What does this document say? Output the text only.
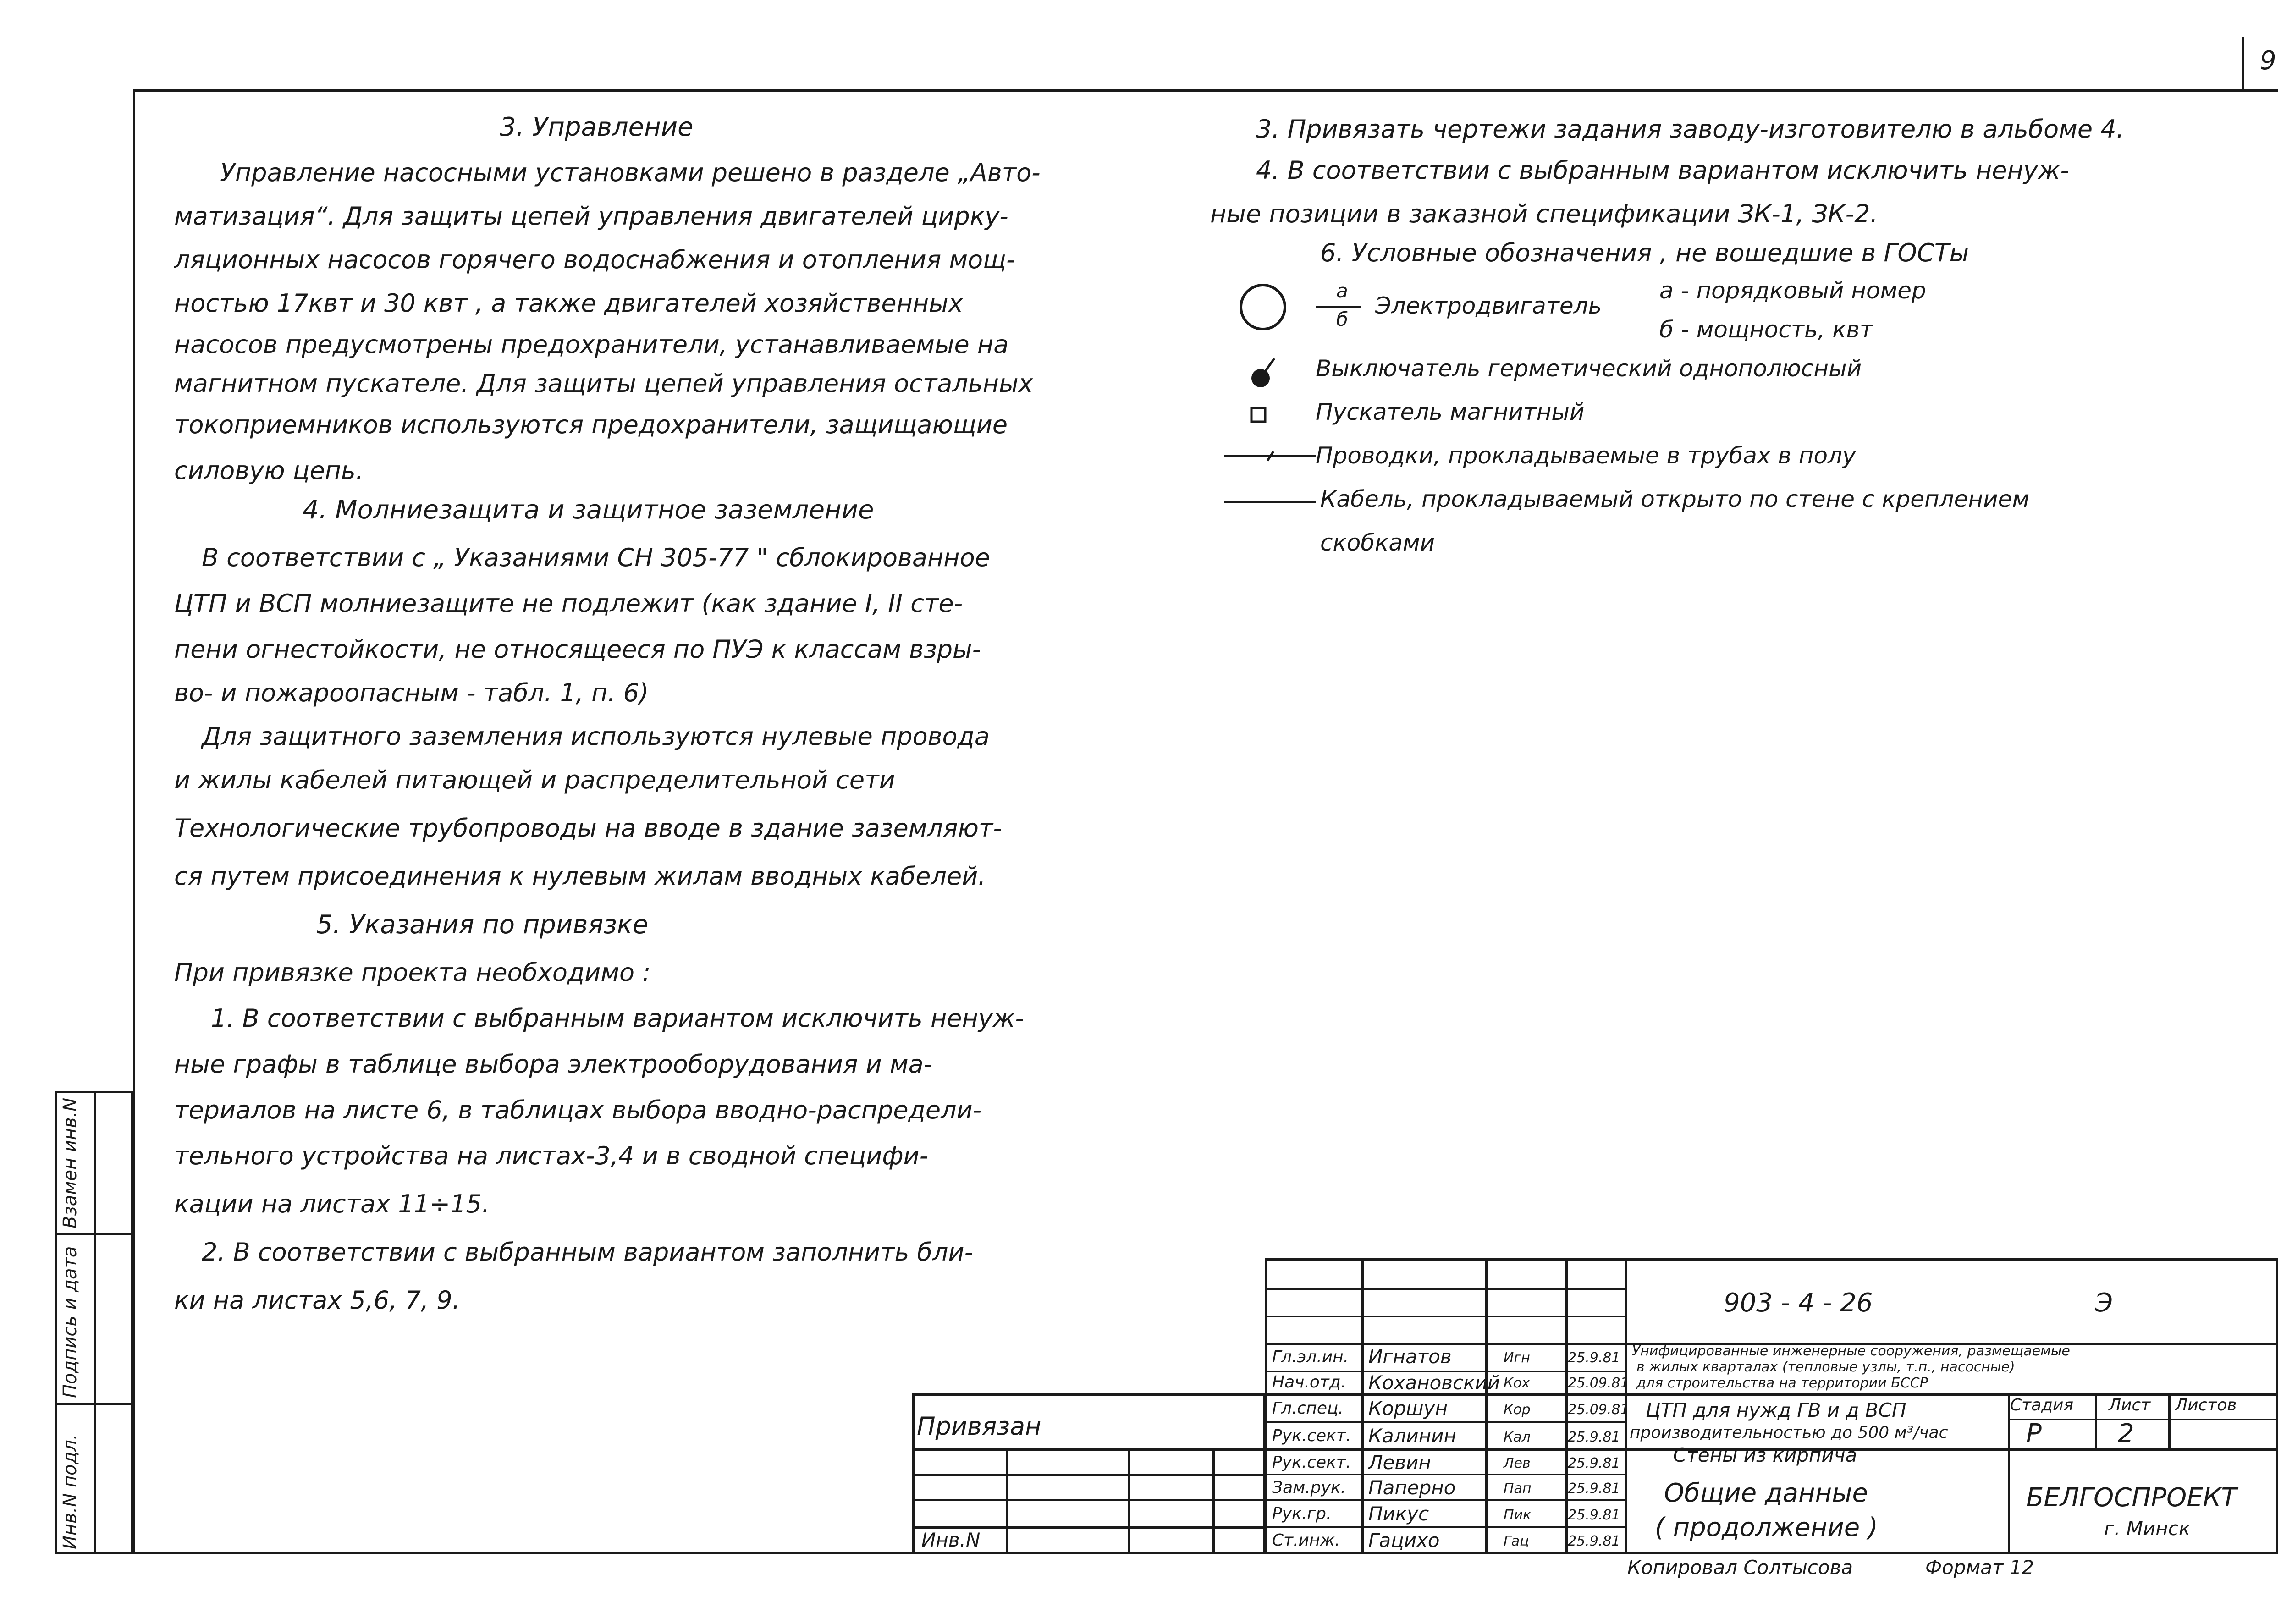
9
Инв.N подл.
Подпись и дата
Взамен инв.N
3. Управление
Управление насосными установками решено в разделе „Авто-
матизация“. Для защиты цепей управления двигателей цирку-
ляционных насосов горячего водоснабжения и отопления мощ-
ностью 17квт и 30 квт , а также двигателей хозяйственных
насосов предусмотрены предохранители, устанавливаемые на
магнитном пускателе. Для защиты цепей управления остальных
токоприемников используются предохранители, защищающие
силовую цепь.
4. Молниезащита и защитное заземление
В соответствии с „ Указаниями СН 305-77 " сблокированное
ЦТП и ВСП молниезащите не подлежит (как здание I, II сте-
пени огнестойкости, не относящееся по ПУЭ к классам взры-
во- и пожароопасным - табл. 1, п. 6)
Для защитного заземления используются нулевые провода
и жилы кабелей питающей и распределительной сети
Технологические трубопроводы на вводе в здание заземляют-
ся путем присоединения к нулевым жилам вводных кабелей.
5. Указания по привязке
При привязке проекта необходимо :
1. В соответствии с выбранным вариантом исключить ненуж-
ные графы в таблице выбора электрооборудования и ма-
териалов на листе 6, в таблицах выбора вводно-распредели-
тельного устройства на листах-3,4 и в сводной специфи-
кации на листах 11÷15.
2. В соответствии с выбранным вариантом заполнить бли-
ки на листах 5,6, 7, 9.
3. Привязать чертежи задания заводу-изготовителю в альбоме 4.
4. В соответствии с выбранным вариантом исключить ненуж-
ные позиции в заказной спецификации ЗК-1, ЗК-2.
6. Условные обозначения , не вошедшие в ГОСТы
а
б
Электродвигатель
а - порядковый номер
б - мощность, квт
Выключатель герметический однополюсный
Пускатель магнитный
Проводки, прокладываемые в трубах в полу
Кабель, прокладываемый открыто по стене с креплением
скобками
Привязан
Инв.N
903 - 4 - 26	Э
Унифицированные инженерные сооружения, размещаемые
в жилых кварталах (тепловые узлы, т.п., насосные)
для строительства на территории БССР
ЦТП для нужд ГВ и д ВСП
производительностью до 500 м³/час
Стены из кирпича
Общие данные
( продолжение )
Стадия Лист Листов
Р	2
БЕЛГОСПРОЕКТ
г. Минск
Гл.эл.ин. Игнатов	Игн	25.9.81
Нач.отд. Кохановский Кох	25.09.81
Гл.спец. Коршун	Кор	25.09.81
Рук.сект. Калинин	Кал	25.9.81
Рук.сект. Левин	Лев	25.9.81
Зам.рук. Паперно	Пап	25.9.81
Рук.гр. Пикус	Пик	25.9.81
Ст.инж. Гацихо	Гац	25.9.81
Копировал Солтысова	Формат 12
